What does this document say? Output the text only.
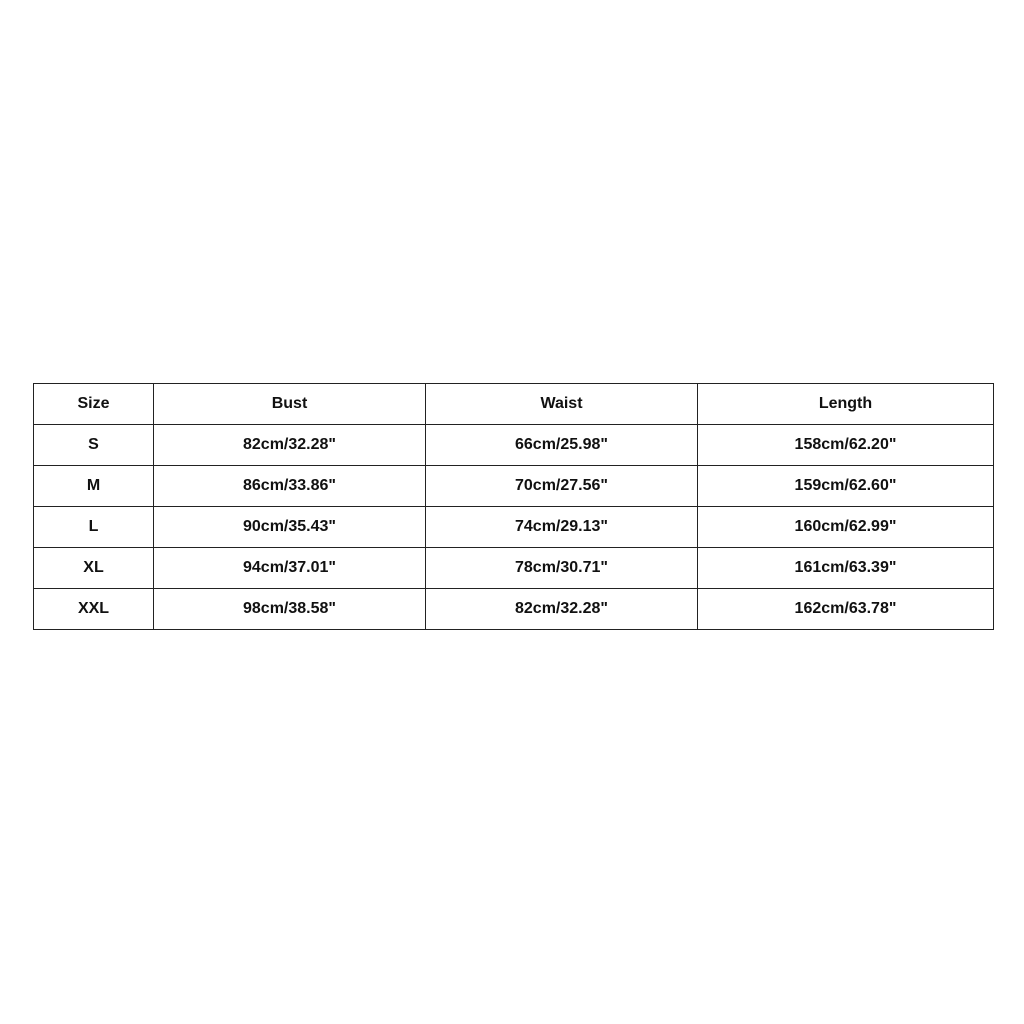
Size	Bust	Waist	Length
S	82cm/32.28"	66cm/25.98"	158cm/62.20"
M	86cm/33.86"	70cm/27.56"	159cm/62.60"
L	90cm/35.43"	74cm/29.13"	160cm/62.99"
XL	94cm/37.01"	78cm/30.71"	161cm/63.39"
XXL	98cm/38.58"	82cm/32.28"	162cm/63.78"
